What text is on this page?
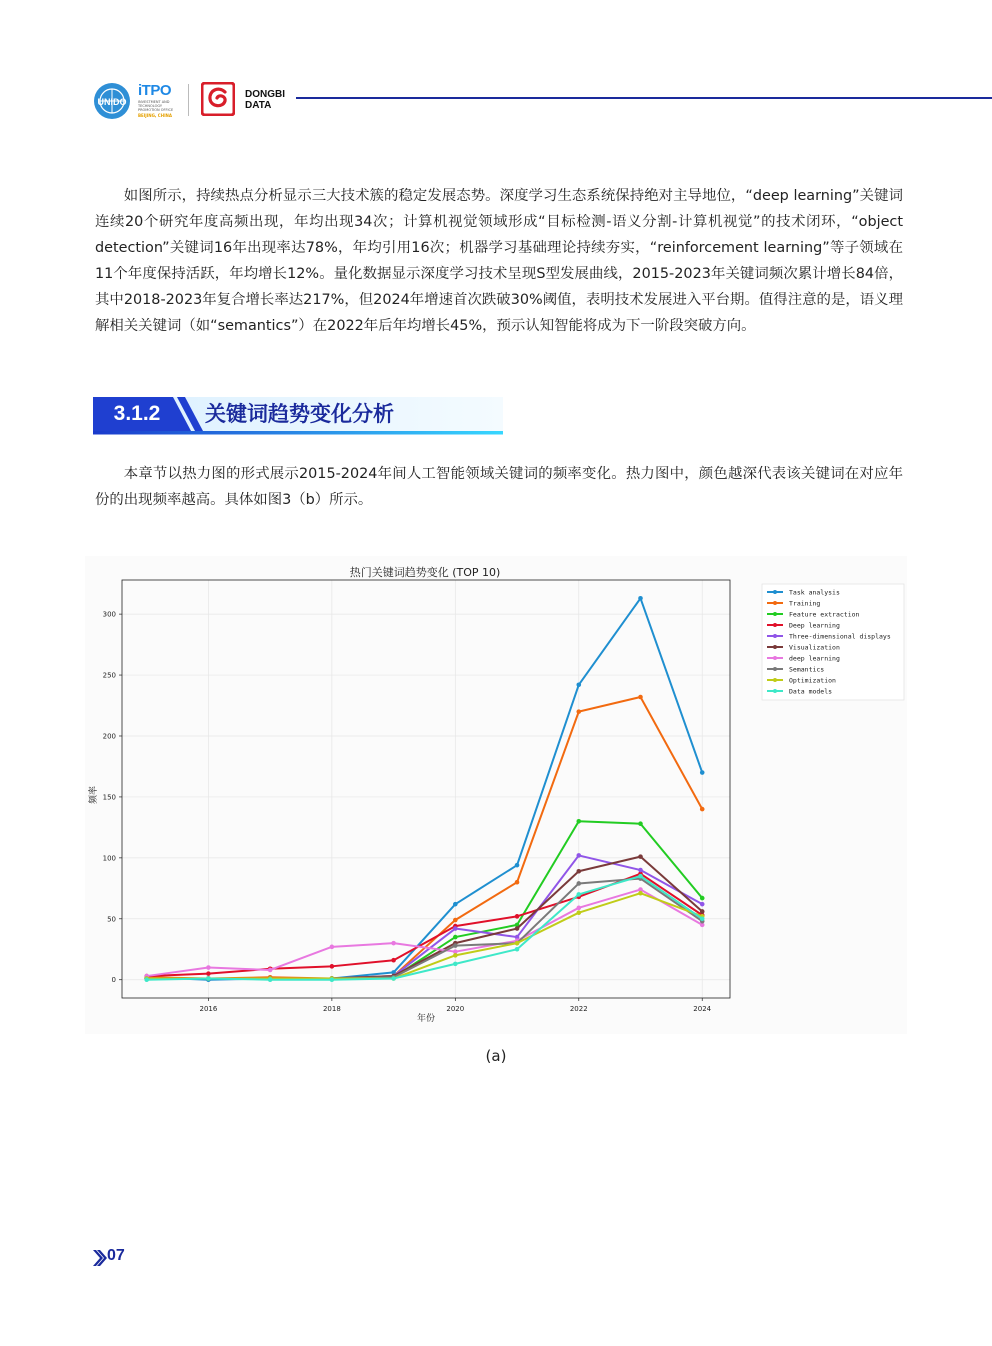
UNIDO
iTPO
INVESTMENT AND TECHNOLOGY PROMOTION OFFICE
BEIJING, CHINA
DONGBI
DATA

如图所示，持续热点分析显示三大技术簇的稳定发展态势。深度学习生态系统保持绝对主导地位，“deep learning”关键词连续20个研究年度高频出现，年均出现34次；计算机视觉领域形成“目标检测-语义分割-计算机视觉”的技术闭环，“object detection”关键词16年出现率达78%，年均引用16次；机器学习基础理论持续夯实，“reinforcement learning”等子领域在11个年度保持活跃，年均增长12%。量化数据显示深度学习技术呈现S型发展曲线，2015-2023年关键词频次累计增长84倍，其中2018-2023年复合增长率达217%，但2024年增速首次跌破30%阈值，表明技术发展进入平台期。值得注意的是，语义理解相关关键词（如“semantics”）在2022年后年均增长45%，预示认知智能将成为下一阶段突破方向。

3.1.2	关键词趋势变化分析

本章节以热力图的形式展示2015-2024年间人工智能领域关键词的频率变化。热力图中，颜色越深代表该关键词在对应年份的出现频率越高。具体如图3（b）所示。

热门关键词趋势变化 (TOP 10)
2016	2018	2020	2022	2024
0
50
100
150
200
250
300
年份
频率
Task analysis
Training
Feature extraction
Deep learning
Three-dimensional displays
Visualization
deep learning
Semantics
Optimization
Data models
(a)
07
